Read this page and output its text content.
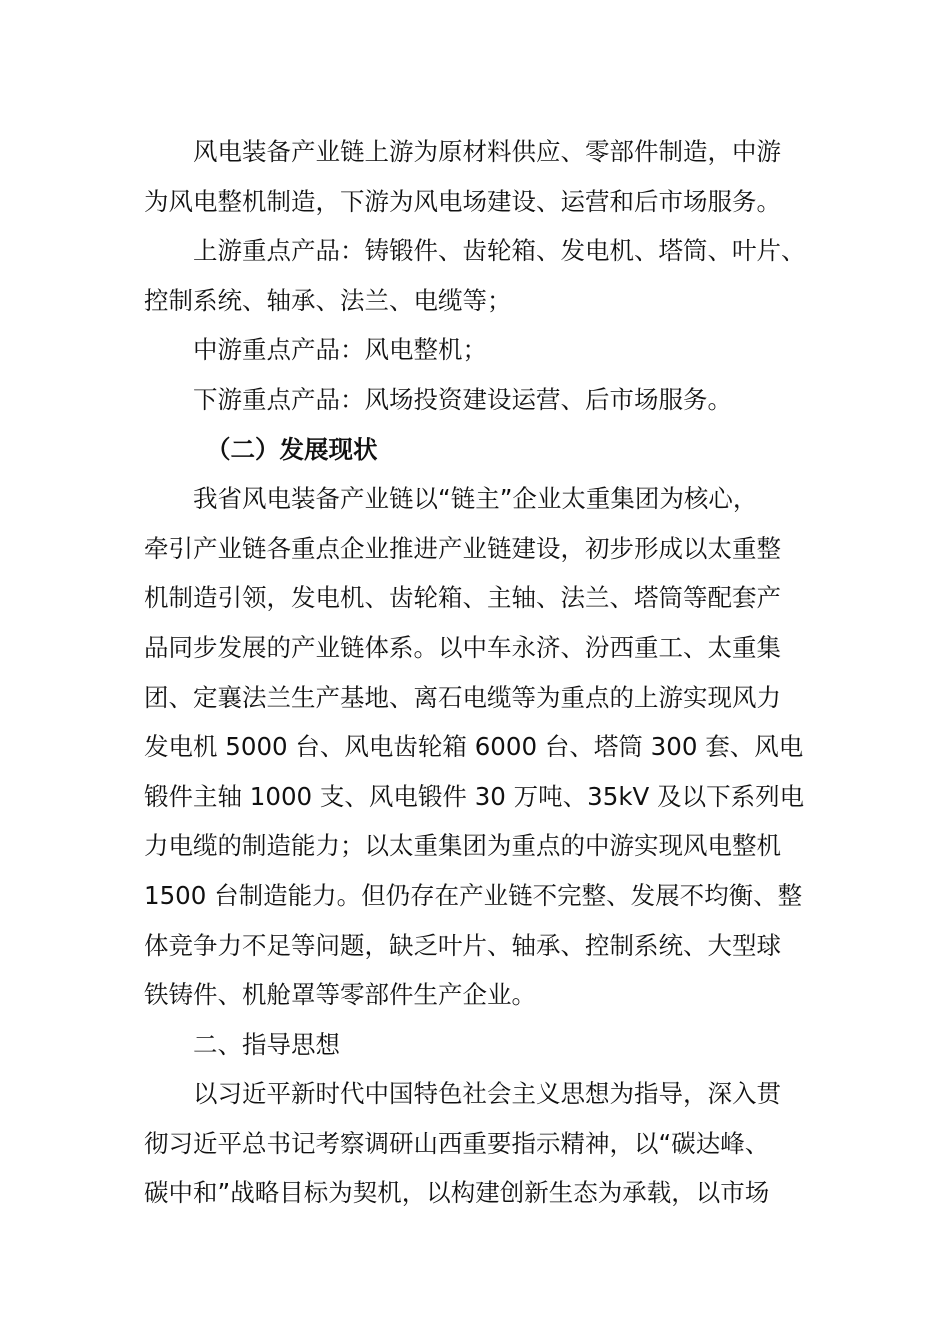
风电装备产业链上游为原材料供应、零部件制造，中游
为风电整机制造，下游为风电场建设、运营和后市场服务。
上游重点产品：铸锻件、齿轮箱、发电机、塔筒、叶片、
控制系统、轴承、法兰、电缆等；
中游重点产品：风电整机；
下游重点产品：风场投资建设运营、后市场服务。
（二）发展现状
我省风电装备产业链以“链主”企业太重集团为核心，
牵引产业链各重点企业推进产业链建设，初步形成以太重整
机制造引领，发电机、齿轮箱、主轴、法兰、塔筒等配套产
品同步发展的产业链体系。以中车永济、汾西重工、太重集
团、定襄法兰生产基地、离石电缆等为重点的上游实现风力
发电机 5000 台、风电齿轮箱 6000 台、塔筒 300 套、风电
锻件主轴 1000 支、风电锻件 30 万吨、35kV 及以下系列电
力电缆的制造能力；以太重集团为重点的中游实现风电整机
1500 台制造能力。但仍存在产业链不完整、发展不均衡、整
体竞争力不足等问题，缺乏叶片、轴承、控制系统、大型球
铁铸件、机舱罩等零部件生产企业。
二、指导思想
以习近平新时代中国特色社会主义思想为指导，深入贯
彻习近平总书记考察调研山西重要指示精神，以“碳达峰、
碳中和”战略目标为契机，以构建创新生态为承载，以市场
